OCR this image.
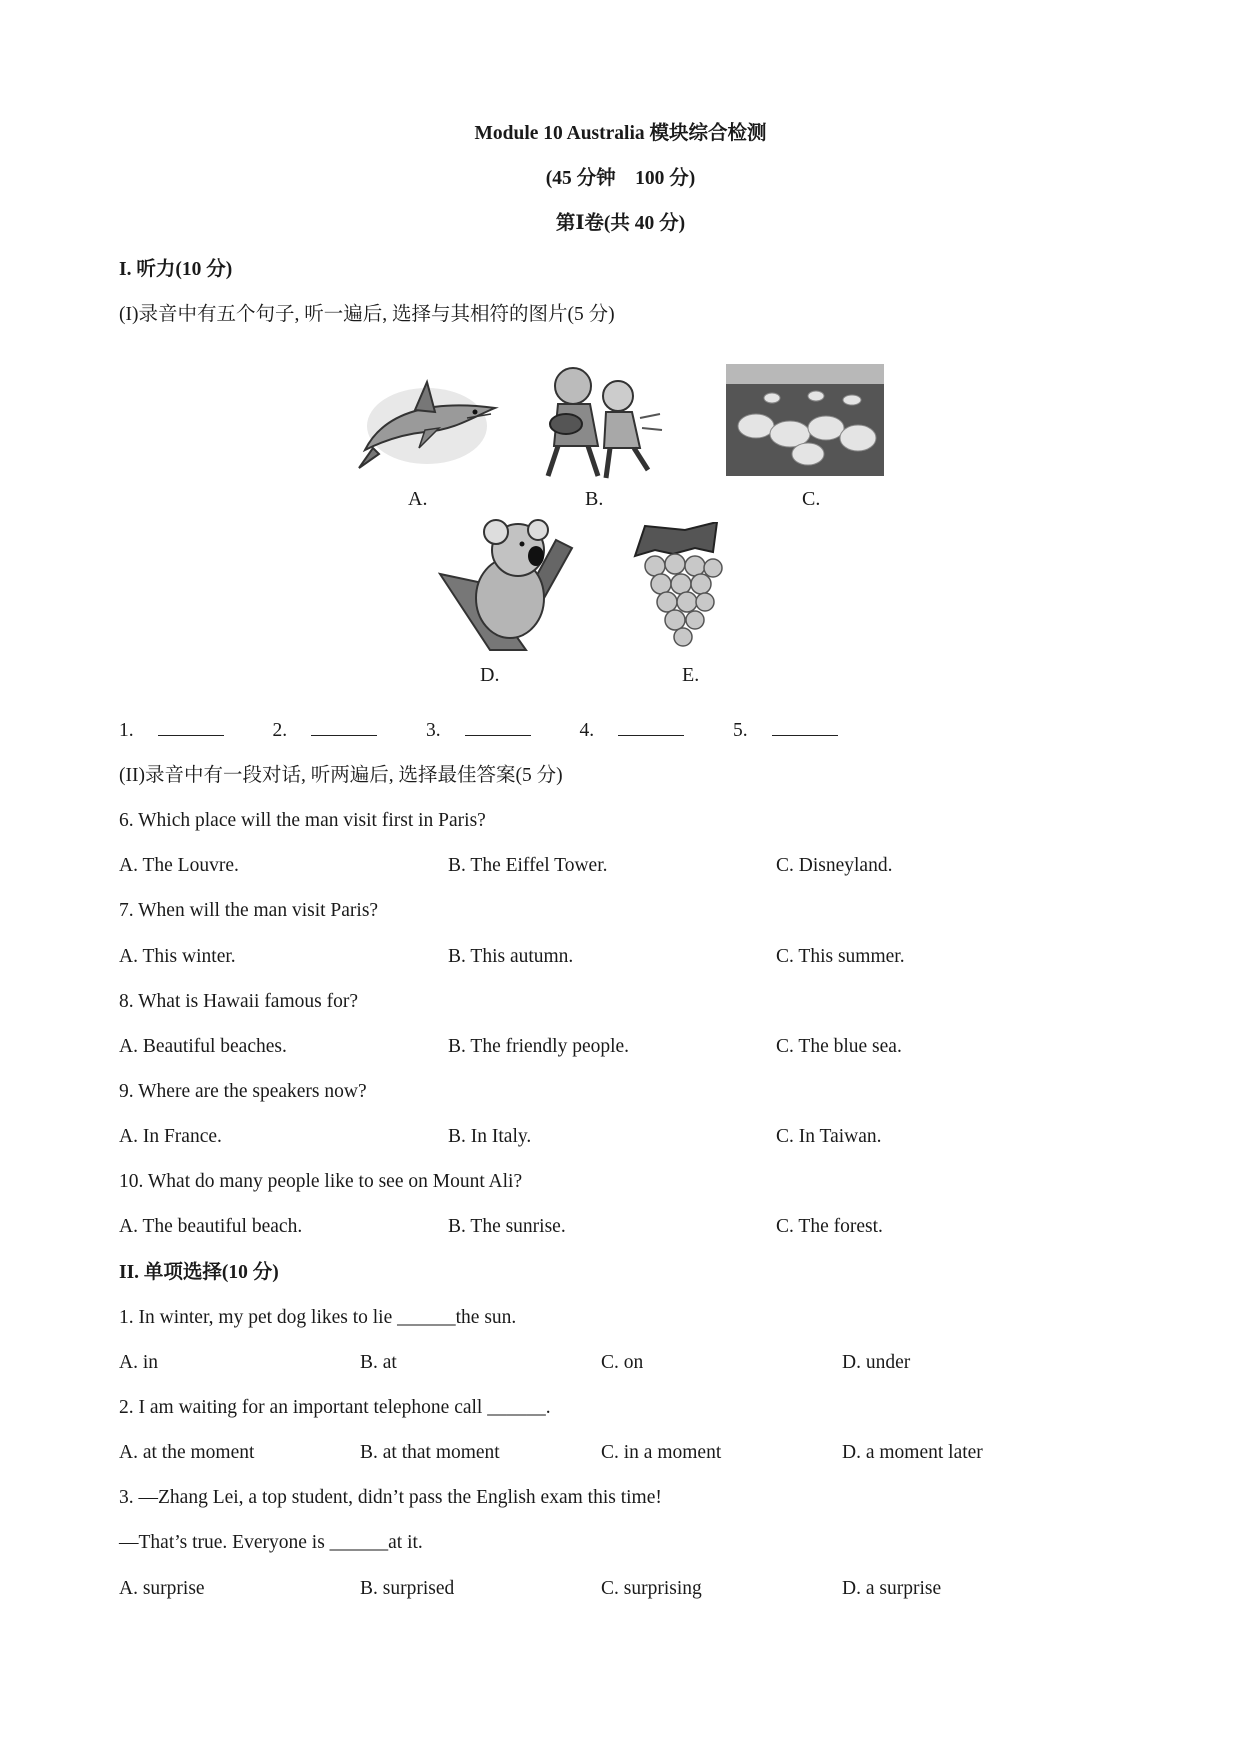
Module 10 Australia 模块综合检测
(45 分钟　100 分)
第Ⅰ卷(共 40 分)
I. 听力(10 分)
(I)录音中有五个句子, 听一遍后, 选择与其相符的图片(5 分)
A.	B.	C.
D.	E.
1.	2.	3.	4.	5.
(II)录音中有一段对话, 听两遍后, 选择最佳答案(5 分)
6. Which place will the man visit first in Paris?
A. The Louvre.	B. The Eiffel Tower.	C. Disneyland.
7. When will the man visit Paris?
A. This winter.	B. This autumn.	C. This summer.
8. What is Hawaii famous for?
A. Beautiful beaches.	B. The friendly people.	C. The blue sea.
9. Where are the speakers now?
A. In France.	B. In Italy.	C. In Taiwan.
10. What do many people like to see on Mount Ali?
A. The beautiful beach.	B. The sunrise.	C. The forest.
II. 单项选择(10 分)
1. In winter, my pet dog likes to lie ______the sun.
A. in	B. at	C. on	D. under
2. I am waiting for an important telephone call ______.
A. at the moment	B. at that moment	C. in a moment	D. a moment later
3. —Zhang Lei, a top student, didn’t pass the English exam this time!
—That’s true. Everyone is ______at it.
A. surprise	B. surprised	C. surprising	D. a surprise
